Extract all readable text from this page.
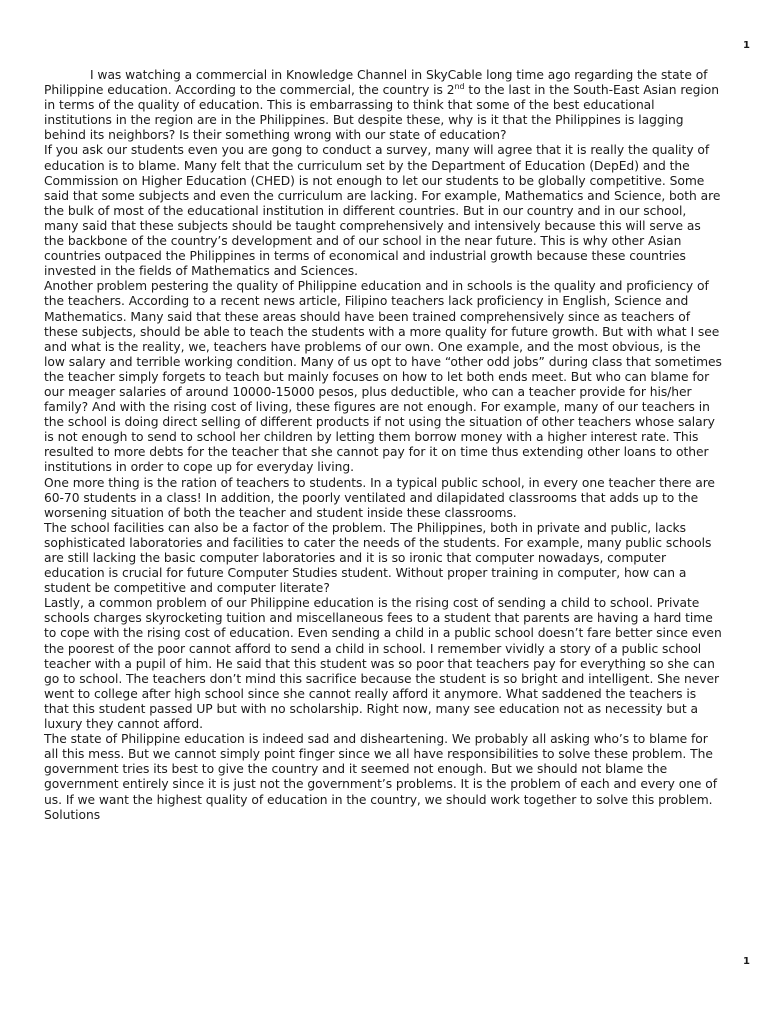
1

I was watching a commercial in Knowledge Channel in SkyCable long time ago regarding the state of Philippine education. According to the commercial, the country is 2nd to the last in the South-East Asian region in terms of the quality of education. This is embarrassing to think that some of the best educational institutions in the region are in the Philippines. But despite these, why is it that the Philippines is lagging behind its neighbors? Is their something wrong with our state of education?

If you ask our students even you are gong to conduct a survey, many will agree that it is really the quality of education is to blame. Many felt that the curriculum set by the Department of Education (DepEd) and the Commission on Higher Education (CHED) is not enough to let our students to be globally competitive. Some said that some subjects and even the curriculum are lacking. For example, Mathematics and Science, both are the bulk of most of the educational institution in different countries. But in our country and in our school, many said that these subjects should be taught comprehensively and intensively because this will serve as the backbone of the country’s development and of our school in the near future. This is why other Asian countries outpaced the Philippines in terms of economical and industrial growth because these countries invested in the fields of Mathematics and Sciences.

Another problem pestering the quality of Philippine education and in schools is the quality and proficiency of the teachers. According to a recent news article, Filipino teachers lack proficiency in English, Science and Mathematics. Many said that these areas should have been trained comprehensively since as teachers of these subjects, should be able to teach the students with a more quality for future growth. But with what I see and what is the reality, we, teachers have problems of our own. One example, and the most obvious, is the low salary and terrible working condition. Many of us opt to have “other odd jobs” during class that sometimes the teacher simply forgets to teach but mainly focuses on how to let both ends meet. But who can blame for our meager salaries of around 10000-15000 pesos, plus deductible, who can a teacher provide for his/her family? And with the rising cost of living, these figures are not enough. For example, many of our teachers in the school is doing direct selling of different products if not using the situation of other teachers whose salary is not enough to send to school her children by letting them borrow money with a higher interest rate. This resulted to more debts for the teacher that she cannot pay for it on time thus extending other loans to other institutions in order to cope up for everyday living.

One more thing is the ration of teachers to students. In a typical public school, in every one teacher there are 60-70 students in a class! In addition, the poorly ventilated and dilapidated classrooms that adds up to the worsening situation of both the teacher and student inside these classrooms.

The school facilities can also be a factor of the problem. The Philippines, both in private and public, lacks sophisticated laboratories and facilities to cater the needs of the students. For example, many public schools are still lacking the basic computer laboratories and it is so ironic that computer nowadays, computer education is crucial for future Computer Studies student. Without proper training in computer, how can a student be competitive and computer literate?

Lastly, a common problem of our Philippine education is the rising cost of sending a child to school. Private schools charges skyrocketing tuition and miscellaneous fees to a student that parents are having a hard time to cope with the rising cost of education. Even sending a child in a public school doesn’t fare better since even the poorest of the poor cannot afford to send a child in school. I remember vividly a story of a public school teacher with a pupil of him. He said that this student was so poor that teachers pay for everything so she can go to school. The teachers don’t mind this sacrifice because the student is so bright and intelligent. She never went to college after high school since she cannot really afford it anymore. What saddened the teachers is that this student passed UP but with no scholarship. Right now, many see education not as necessity but a luxury they cannot afford.

The state of Philippine education is indeed sad and disheartening. We probably all asking who’s to blame for all this mess. But we cannot simply point finger since we all have responsibilities to solve these problem. The government tries its best to give the country and it seemed not enough. But we should not blame the government entirely since it is just not the government’s problems. It is the problem of each and every one of us. If we want the highest quality of education in the country, we should work together to solve this problem.

Solutions

1
